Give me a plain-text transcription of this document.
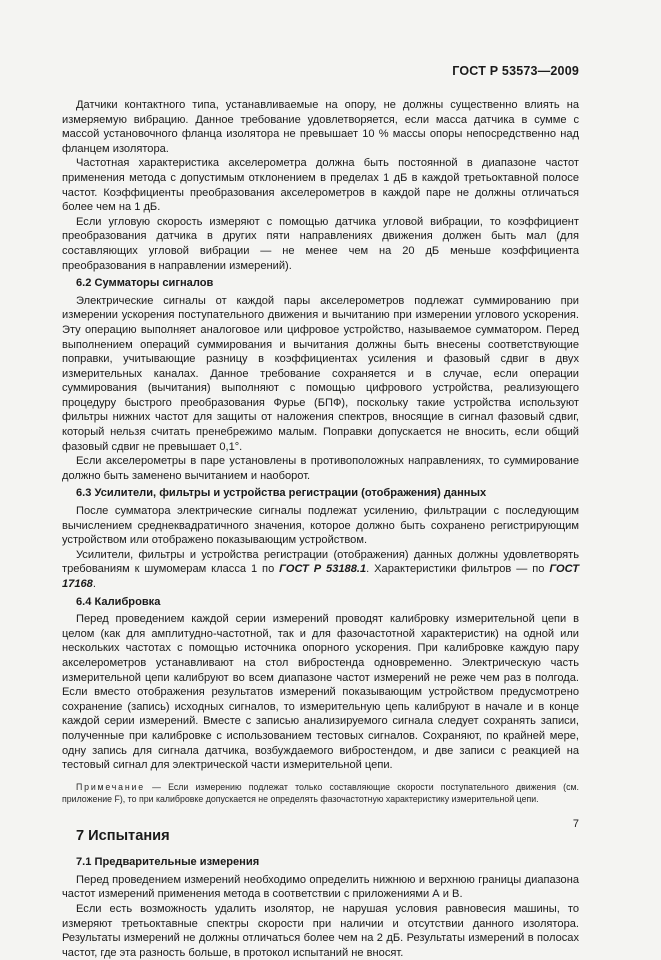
ГОСТ Р 53573—2009

Датчики контактного типа, устанавливаемые на опору, не должны существенно влиять на измеряемую вибрацию. Данное требование удовлетворяется, если масса датчика в сумме с массой установочного фланца изолятора не превышает 10 % массы опоры непосредственно над фланцем изолятора.

Частотная характеристика акселерометра должна быть постоянной в диапазоне частот применения метода с допустимым отклонением в пределах 1 дБ в каждой третьоктавной полосе частот. Коэффициенты преобразования акселерометров в каждой паре не должны отличаться более чем на 1 дБ.

Если угловую скорость измеряют с помощью датчика угловой вибрации, то коэффициент преобразования датчика в других пяти направлениях движения должен быть мал (для составляющих угловой вибрации — не менее чем на 20 дБ меньше коэффициента преобразования в направлении измерений).

6.2 Сумматоры сигналов

Электрические сигналы от каждой пары акселерометров подлежат суммированию при измерении ускорения поступательного движения и вычитанию при измерении углового ускорения. Эту операцию выполняет аналоговое или цифровое устройство, называемое сумматором. Перед выполнением операций суммирования и вычитания должны быть внесены соответствующие поправки, учитывающие разницу в коэффициентах усиления и фазовый сдвиг в двух измерительных каналах. Данное требование сохраняется и в случае, если операции суммирования (вычитания) выполняют с помощью цифрового устройства, реализующего процедуру быстрого преобразования Фурье (БПФ), поскольку такие устройства используют фильтры нижних частот для защиты от наложения спектров, вносящие в сигнал фазовый сдвиг, который нельзя считать пренебрежимо малым. Поправки допускается не вносить, если общий фазовый сдвиг не превышает 0,1°.

Если акселерометры в паре установлены в противоположных направлениях, то суммирование должно быть заменено вычитанием и наоборот.

6.3 Усилители, фильтры и устройства регистрации (отображения) данных

После сумматора электрические сигналы подлежат усилению, фильтрации с последующим вычислением среднеквадратичного значения, которое должно быть сохранено регистрирующим устройством или отображено показывающим устройством.

Усилители, фильтры и устройства регистрации (отображения) данных должны удовлетворять требованиям к шумомерам класса 1 по ГОСТ Р 53188.1. Характеристики фильтров — по ГОСТ 17168.

6.4 Калибровка

Перед проведением каждой серии измерений проводят калибровку измерительной цепи в целом (как для амплитудно-частотной, так и для фазочастотной характеристик) на одной или нескольких частотах с помощью источника опорного ускорения. При калибровке каждую пару акселерометров устанавливают на стол вибростенда одновременно. Электрическую часть измерительной цепи калибруют во всем диапазоне частот измерений не реже чем раз в полгода. Если вместо отображения результатов измерений показывающим устройством предусмотрено сохранение (запись) исходных сигналов, то измерительную цепь калибруют в начале и в конце каждой серии измерений. Вместе с записью анализируемого сигнала следует сохранять записи, полученные при калибровке с использованием тестовых сигналов. Сохраняют, по крайней мере, одну запись для сигнала датчика, возбуждаемого вибростендом, и две записи с реакцией на тестовый сигнал для электрической части измерительной цепи.

Примечание — Если измерению подлежат только составляющие скорости поступательного движения (см. приложение F), то при калибровке допускается не определять фазочастотную характеристику измерительной цепи.

7 Испытания
7.1 Предварительные измерения

Перед проведением измерений необходимо определить нижнюю и верхнюю границы диапазона частот измерений применения метода в соответствии с приложениями А и В.

Если есть возможность удалить изолятор, не нарушая условия равновесия машины, то измеряют третьоктавные спектры скорости при наличии и отсутствии данного изолятора. Результаты измерений не должны отличаться более чем на 2 дБ. Результаты измерений в полосах частот, где эта разность больше, в протокол испытаний не вносят.

7
